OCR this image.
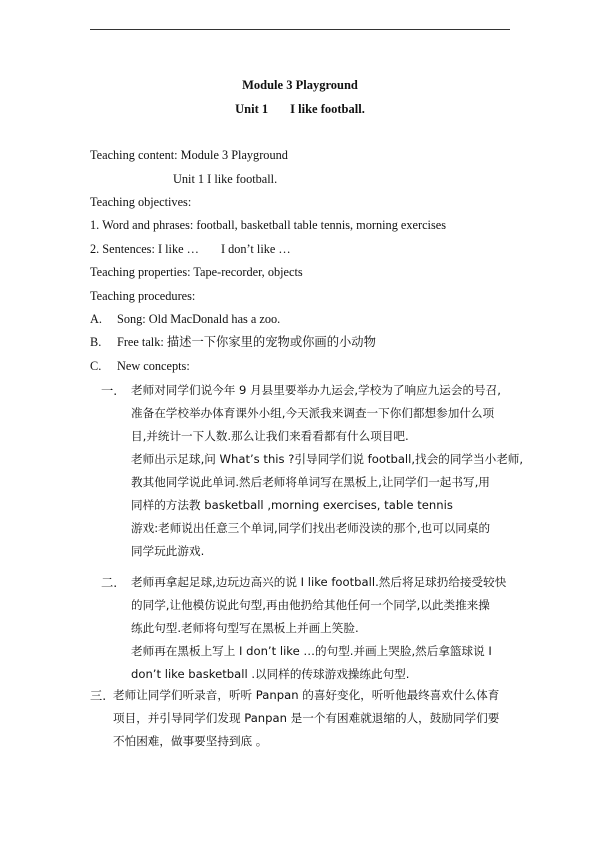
Module 3 Playground
Unit 1 I like football.
Teaching content: Module 3 Playground
Unit 1 I like football.
Teaching objectives:
1. Word and phrases: football, basketball table tennis, morning exercises
2. Sentences: I like … I don’t like …
Teaching properties: Tape-recorder, objects
Teaching procedures:
A. Song: Old MacDonald has a zoo.
B. Free talk: 描述一下你家里的宠物或你画的小动物
C. New concepts:
一. 老师对同学们说今年 9 月县里要举办九运会,学校为了响应九运会的号召,
准备在学校举办体育课外小组,今天派我来调查一下你们都想参加什么项
目,并统计一下人数.那么让我们来看看都有什么项目吧.
老师出示足球,问 What’s this ?引导同学们说 football,找会的同学当小老师,
教其他同学说此单词.然后老师将单词写在黑板上,让同学们一起书写,用
同样的方法教 basketball ,morning exercises, table tennis
游戏:老师说出任意三个单词,同学们找出老师没读的那个,也可以同桌的
同学玩此游戏.
二. 老师再拿起足球,边玩边高兴的说 I like football.然后将足球扔给接受较快
的同学,让他模仿说此句型,再由他扔给其他任何一个同学,以此类推来操
练此句型.老师将句型写在黑板上并画上笑脸.
老师再在黑板上写上 I don’t like …的句型.并画上哭脸,然后拿篮球说 I
don’t like basketball .以同样的传球游戏操练此句型.
三. 老师让同学们听录音，听听 Panpan 的喜好变化，听听他最终喜欢什么体育
项目，并引导同学们发现 Panpan 是一个有困难就退缩的人，鼓励同学们要
不怕困难，做事要坚持到底 。
